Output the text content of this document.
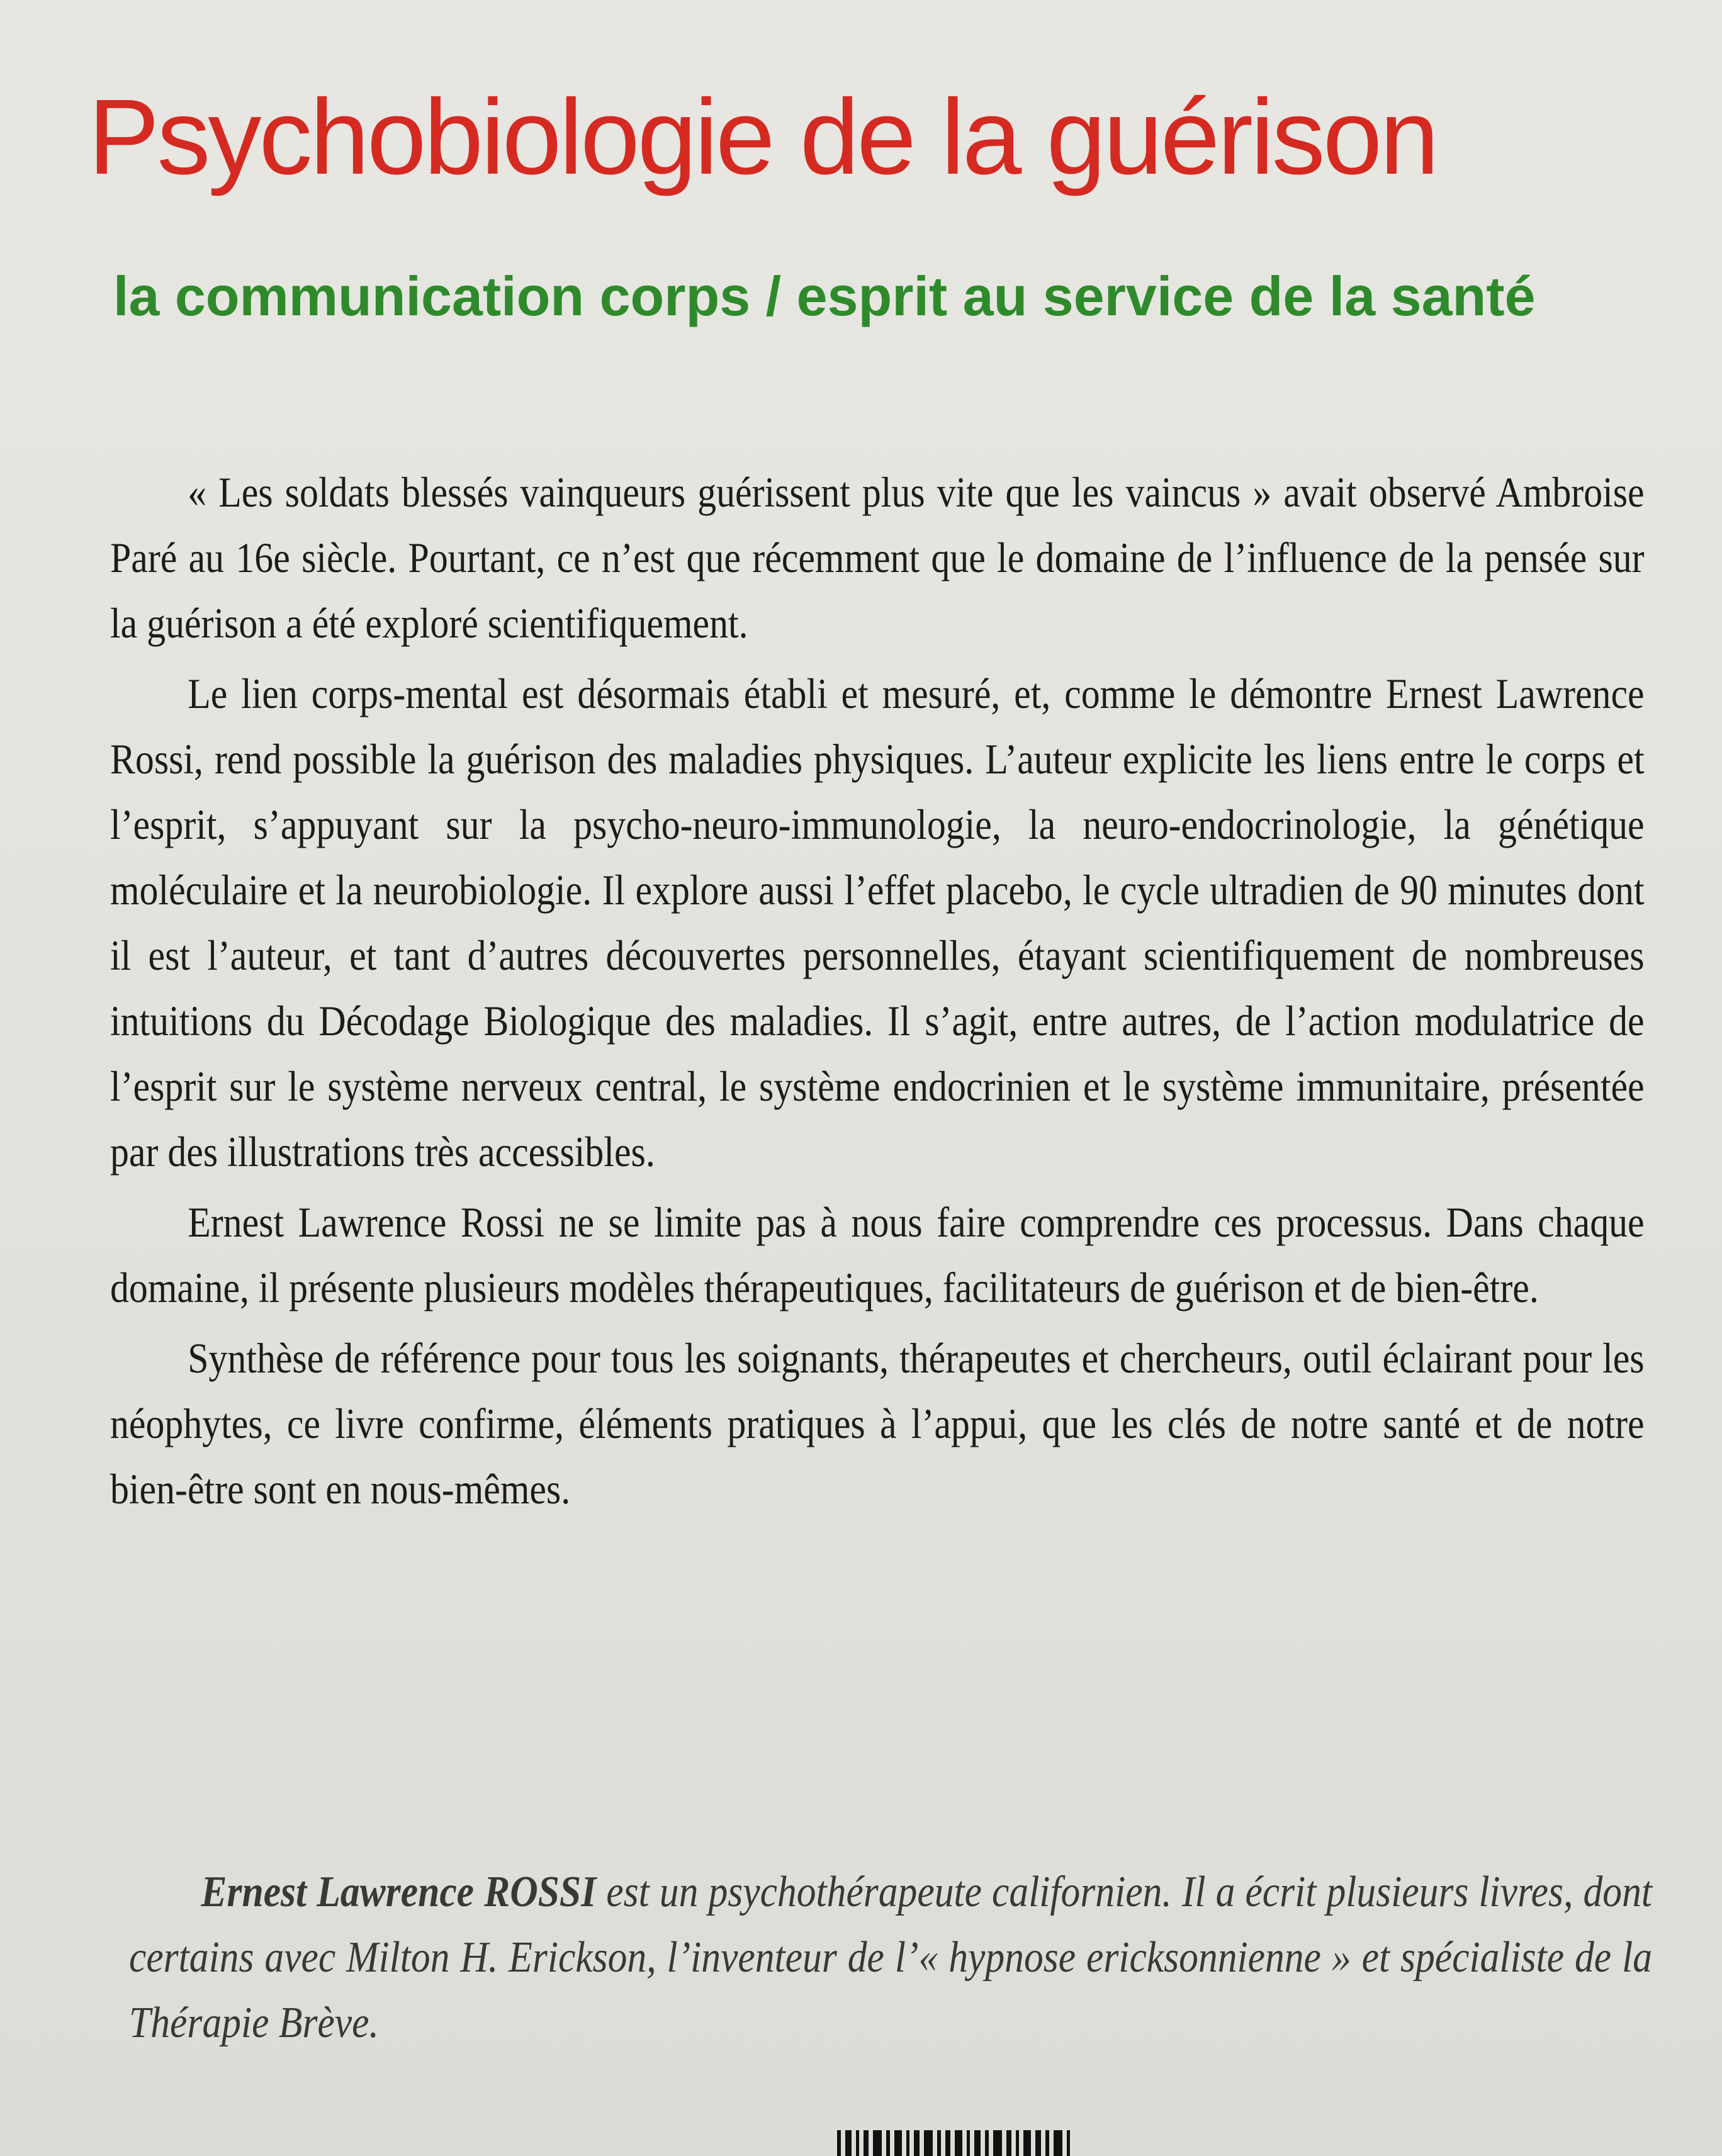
Psychobiologie de la guérison
la communication corps / esprit au service de la santé

« Les soldats blessés vainqueurs guérissent plus vite que les vaincus » avait observé Ambroise Paré au 16e siècle. Pourtant, ce n’est que récemment que le domaine de l’influence de la pensée sur la guérison a été exploré scientifiquement.

Le lien corps-mental est désormais établi et mesuré, et, comme le démontre Ernest Lawrence Rossi, rend possible la guérison des maladies physiques. L’auteur explicite les liens entre le corps et l’esprit, s’appuyant sur la psycho-neuro-immunologie, la neuro-endocrinologie, la génétique moléculaire et la neurobiologie. Il explore aussi l’effet placebo, le cycle ultradien de 90 minutes dont il est l’auteur, et tant d’autres découvertes personnelles, étayant scientifiquement de nombreuses intuitions du Décodage Biologique des maladies. Il s’agit, entre autres, de l’action modulatrice de l’esprit sur le système nerveux central, le système endocrinien et le système immunitaire, présentée par des illustrations très accessibles.

Ernest Lawrence Rossi ne se limite pas à nous faire comprendre ces processus. Dans chaque domaine, il présente plusieurs modèles thérapeutiques, facilitateurs de guérison et de bien-être.

Synthèse de référence pour tous les soignants, thérapeutes et chercheurs, outil éclairant pour les néophytes, ce livre confirme, éléments pratiques à l’appui, que les clés de notre santé et de notre bien-être sont en nous-mêmes.

Ernest Lawrence ROSSI est un psychothérapeute californien. Il a écrit plusieurs livres, dont certains avec Milton H. Erickson, l’inventeur de l’« hypnose ericksonnienne » et spécialiste de la Thérapie Brève.
